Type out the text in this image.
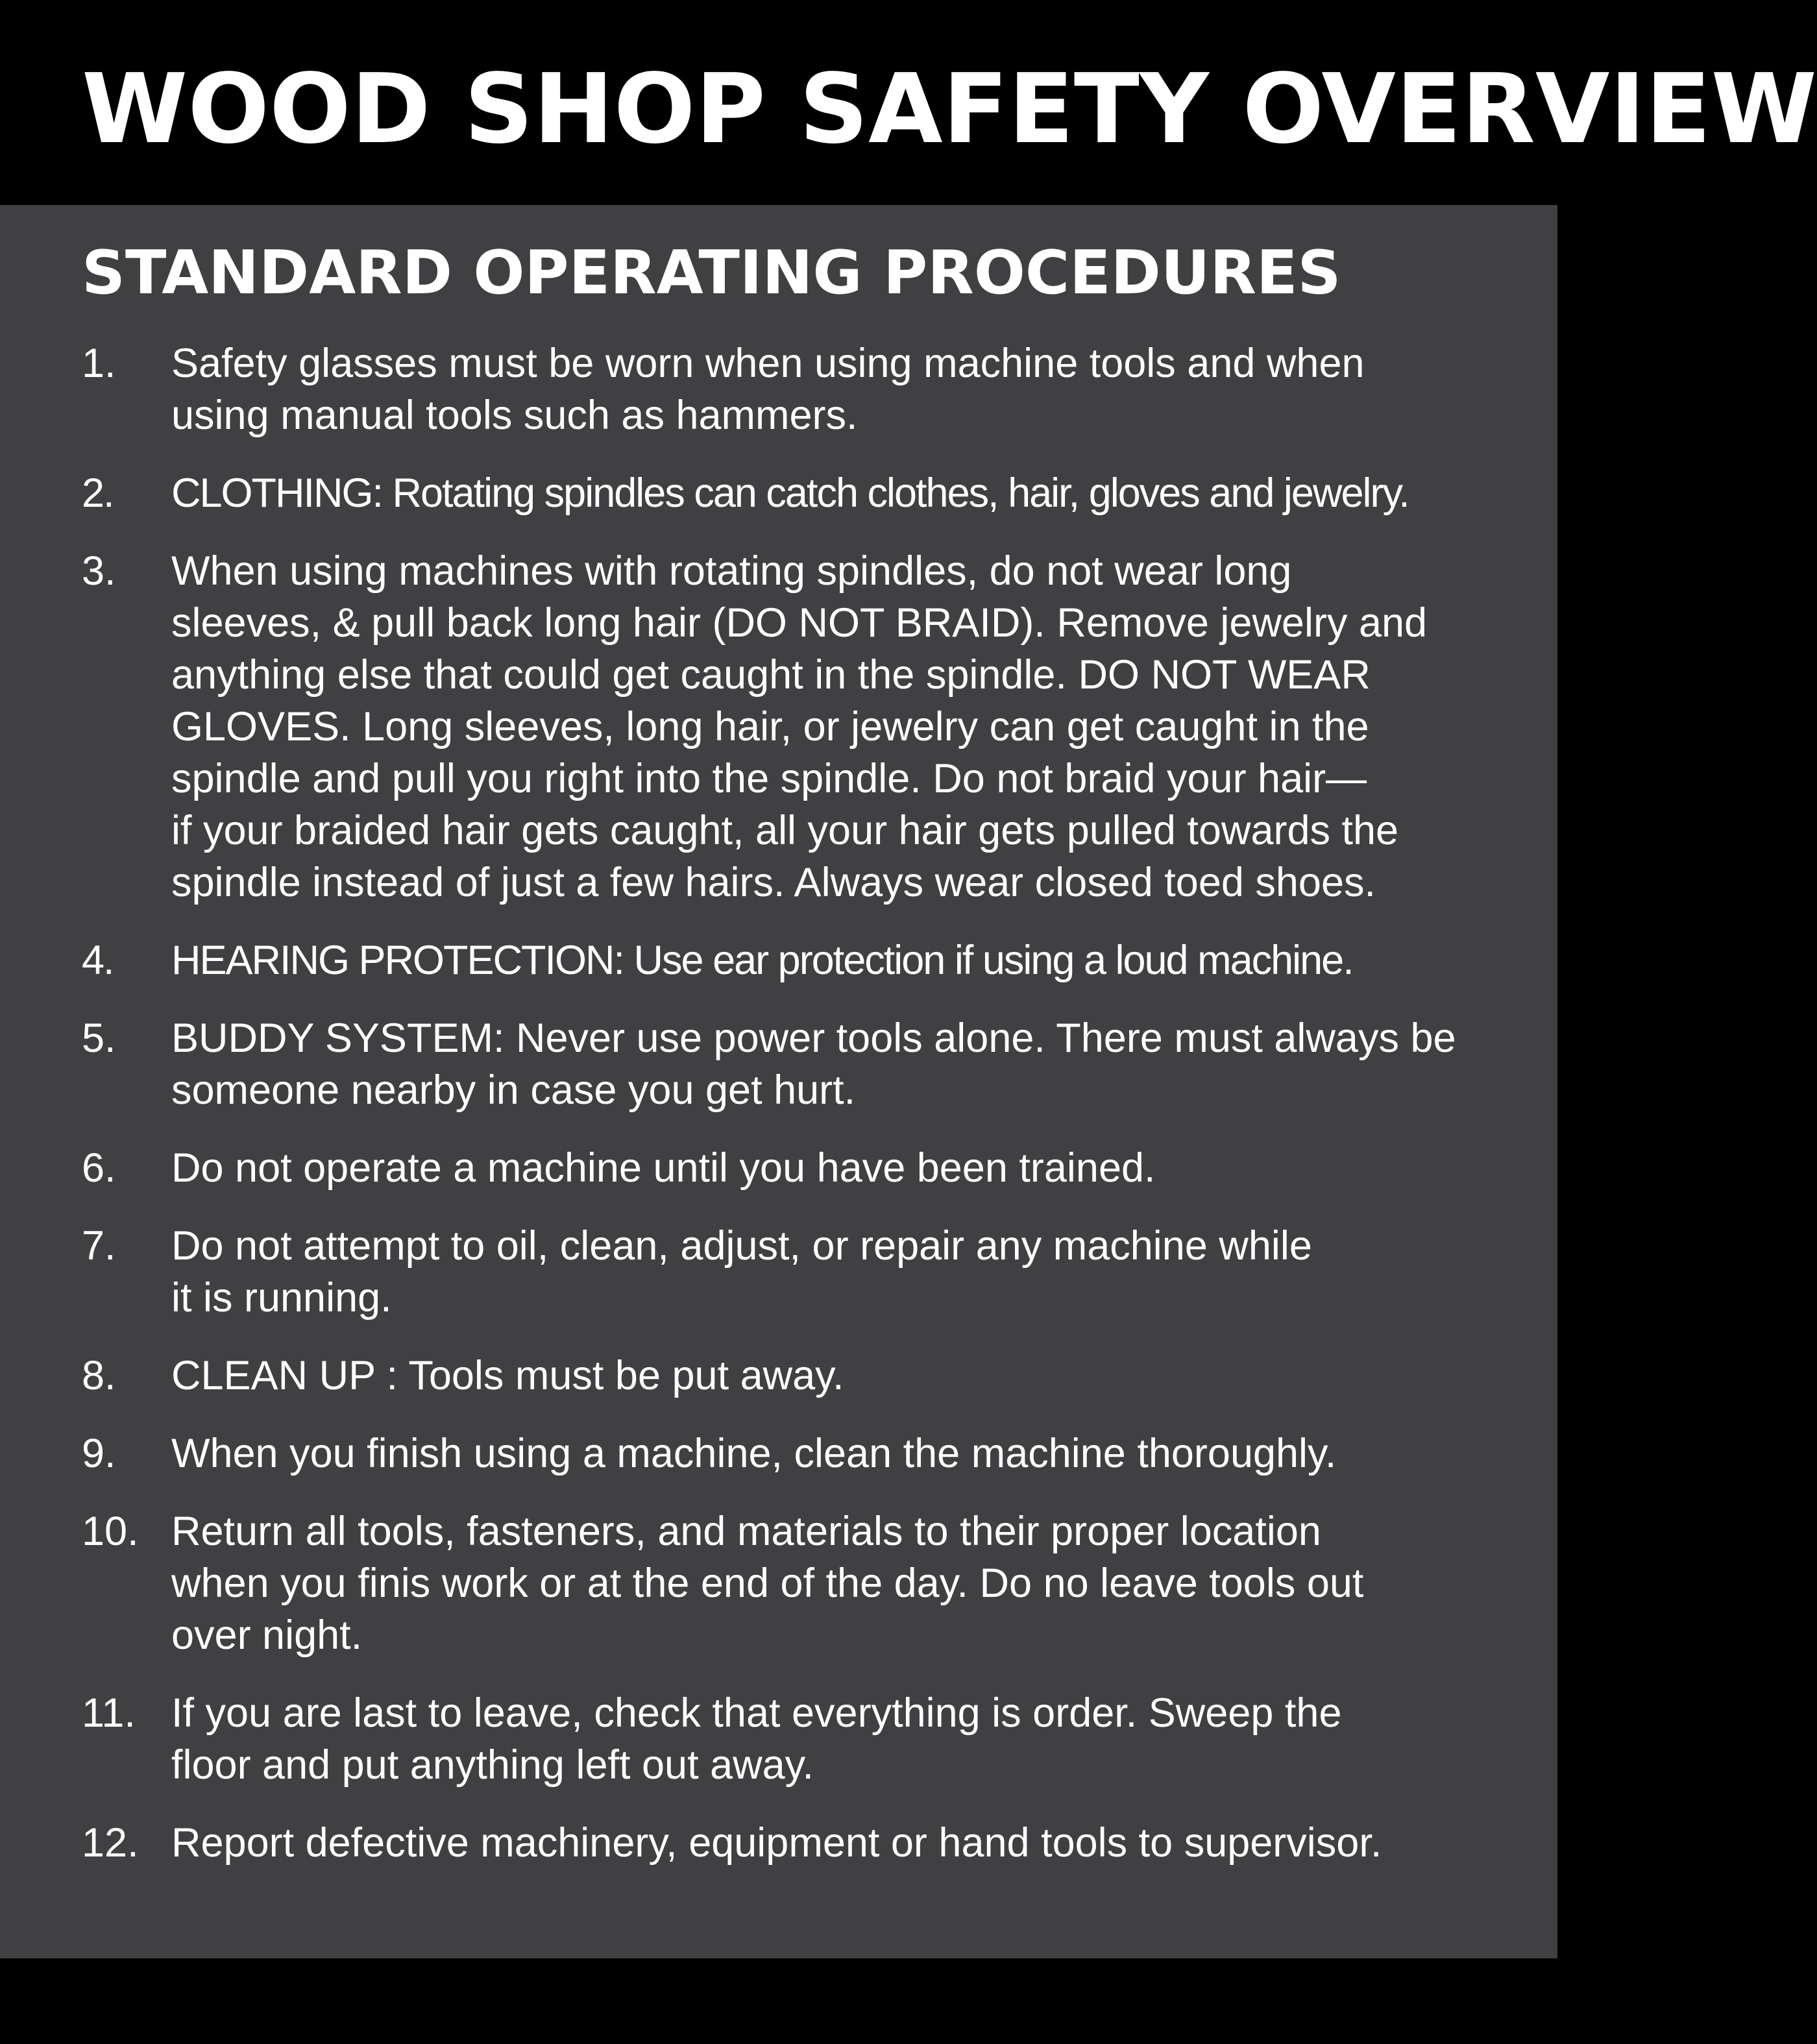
WOOD SHOP SAFETY OVERVIEW
STANDARD OPERATING PROCEDURES
1.	Safety glasses must be worn when using machine tools and when
using manual tools such as hammers.
2.	CLOTHING: Rotating spindles can catch clothes, hair, gloves and jewelry.
3.	When using machines with rotating spindles, do not wear long
sleeves, & pull back long hair (DO NOT BRAID). Remove jewelry and
anything else that could get caught in the spindle. DO NOT WEAR
GLOVES. Long sleeves, long hair, or jewelry can get caught in the
spindle and pull you right into the spindle. Do not braid your hair—
if your braided hair gets caught, all your hair gets pulled towards the
spindle instead of just a few hairs. Always wear closed toed shoes.
4.	HEARING PROTECTION: Use ear protection if using a loud machine.
5.	BUDDY SYSTEM: Never use power tools alone. There must always be
someone nearby in case you get hurt.
6.	Do not operate a machine until you have been trained.
7.	Do not attempt to oil, clean, adjust, or repair any machine while
it is running.
8.	CLEAN UP : Tools must be put away.
9.	When you finish using a machine, clean the machine thoroughly.
10. Return all tools, fasteners, and materials to their proper location
when you finis work or at the end of the day. Do no leave tools out
over night.
11. If you are last to leave, check that everything is order. Sweep the
floor and put anything left out away.
12. Report defective machinery, equipment or hand tools to supervisor.
